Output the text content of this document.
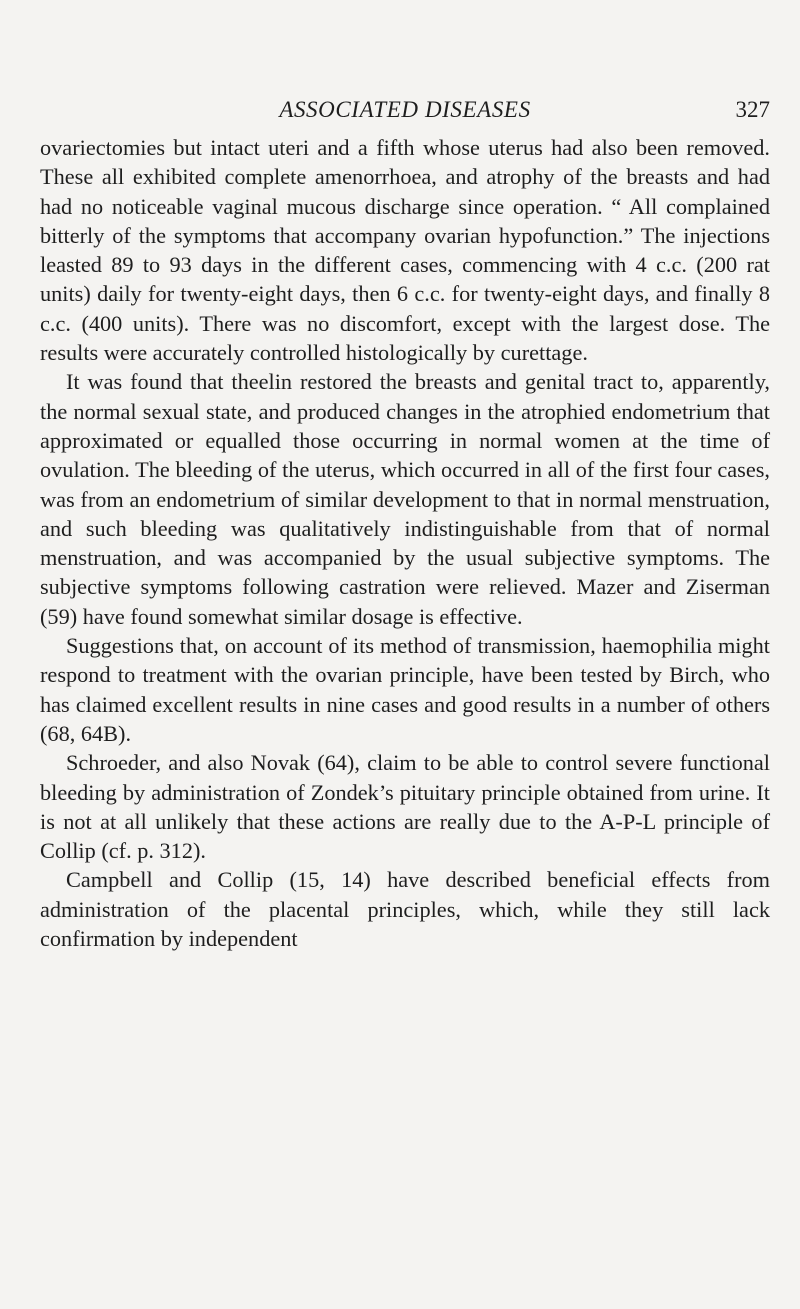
ASSOCIATED DISEASES	327

ovariectomies but intact uteri and a fifth whose uterus had also been removed. These all exhibited complete amenorrhoea, and atrophy of the breasts and had had no noticeable vaginal mucous discharge since operation. “ All complained bitterly of the symptoms that accompany ovarian hypofunction.” The injections leasted 89 to 93 days in the different cases, commencing with 4 c.c. (200 rat units) daily for twenty-eight days, then 6 c.c. for twenty-eight days, and finally 8 c.c. (400 units). There was no discomfort, except with the largest dose. The results were accurately controlled histologically by curettage.

It was found that theelin restored the breasts and genital tract to, apparently, the normal sexual state, and produced changes in the atrophied endometrium that approximated or equalled those occurring in normal women at the time of ovulation. The bleeding of the uterus, which occurred in all of the first four cases, was from an endometrium of similar development to that in normal menstruation, and such bleeding was qualitatively indistinguishable from that of normal menstruation, and was accompanied by the usual subjective symptoms. The subjective symptoms following castration were relieved. Mazer and Ziserman (59) have found somewhat similar dosage is effective.

Suggestions that, on account of its method of transmission, haemophilia might respond to treatment with the ovarian principle, have been tested by Birch, who has claimed excellent results in nine cases and good results in a number of others (68, 64B).

Schroeder, and also Novak (64), claim to be able to control severe functional bleeding by administration of Zondek’s pituitary principle obtained from urine. It is not at all unlikely that these actions are really due to the A-P-L principle of Collip (cf. p. 312).

Campbell and Collip (15, 14) have described beneficial effects from administration of the placental principles, which, while they still lack confirmation by independent
